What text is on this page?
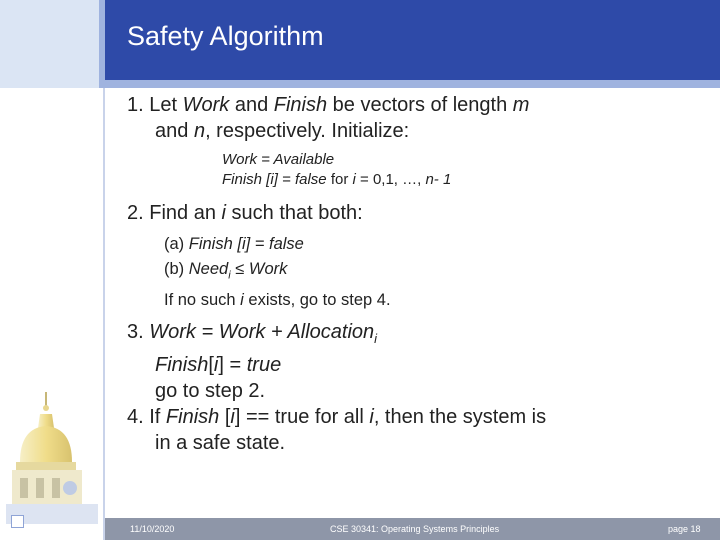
Safety Algorithm

1. Let Work and Finish be vectors of length m

and n, respectively. Initialize:

Work = Available

Finish [i] = false for i = 0,1, …, n- 1

2. Find an i such that both:

(a) Finish [i] = false

(b) Need$_i$ ≤ Work

If no such i exists, go to step 4.

3. Work = Work + Allocation$_i$

Finish[i] = true

go to step 2.

4. If Finish [i] == true for all i, then the system is

in a safe state.

11/10/2020	CSE 30341: Operating Systems Principles	page 18
